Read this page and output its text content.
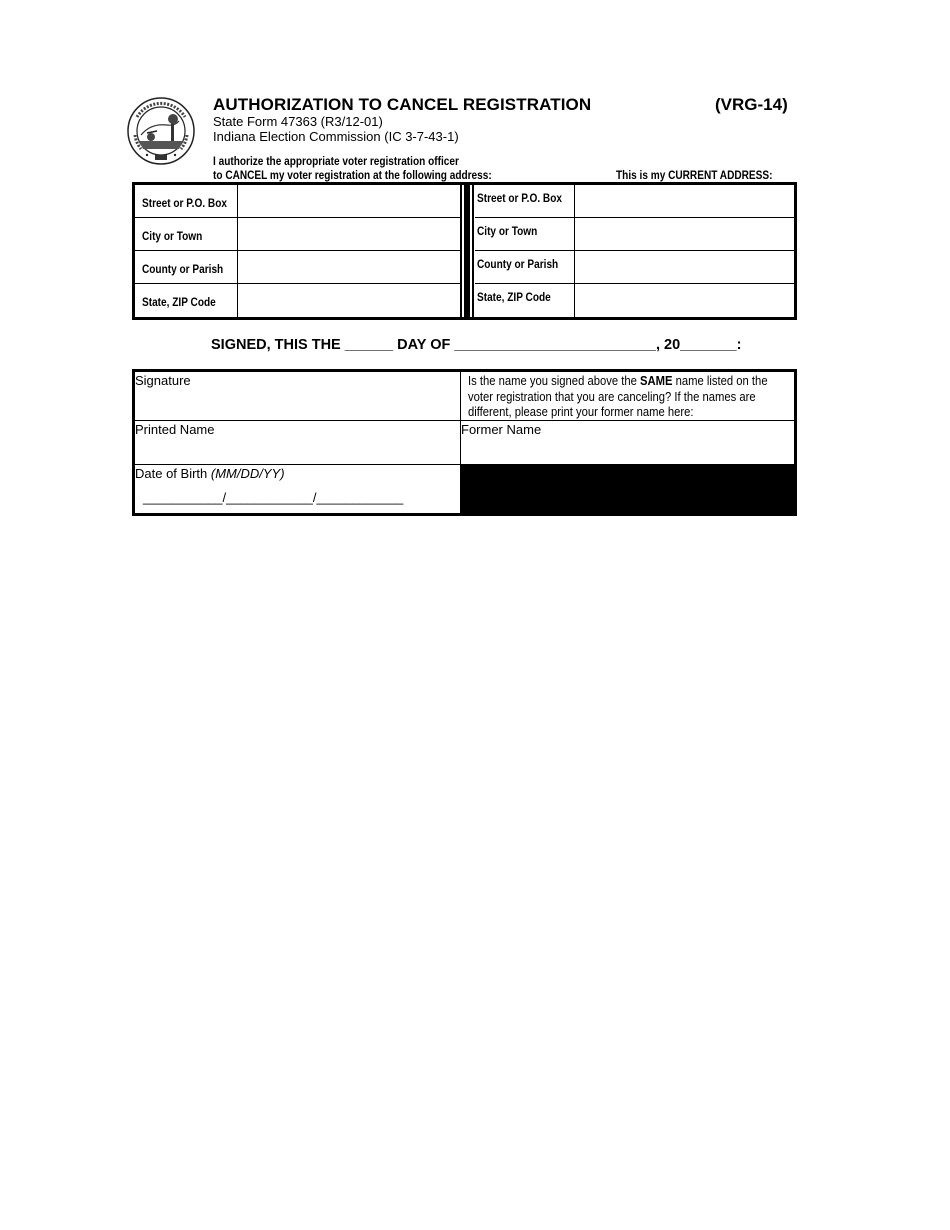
AUTHORIZATION TO CANCEL REGISTRATION	(VRG-14)
State Form 47363 (R3/12-01)
Indiana Election Commission (IC 3-7-43-1)
I authorize the appropriate voter registration officer
to CANCEL my voter registration at the following address:	This is my CURRENT ADDRESS:
Street or P.O. Box
City or Town
County or Parish
State, ZIP Code
Street or P.O. Box
City or Town
County or Parish
State, ZIP Code
SIGNED, THIS THE ______ DAY OF _________________________, 20_______:
Signature
Printed Name
Date of Birth (MM/DD/YY)
___________/____________/____________
Is the name you signed above the SAME name listed on the
voter registration that you are canceling? If the names are
different, please print your former name here:
Former Name
